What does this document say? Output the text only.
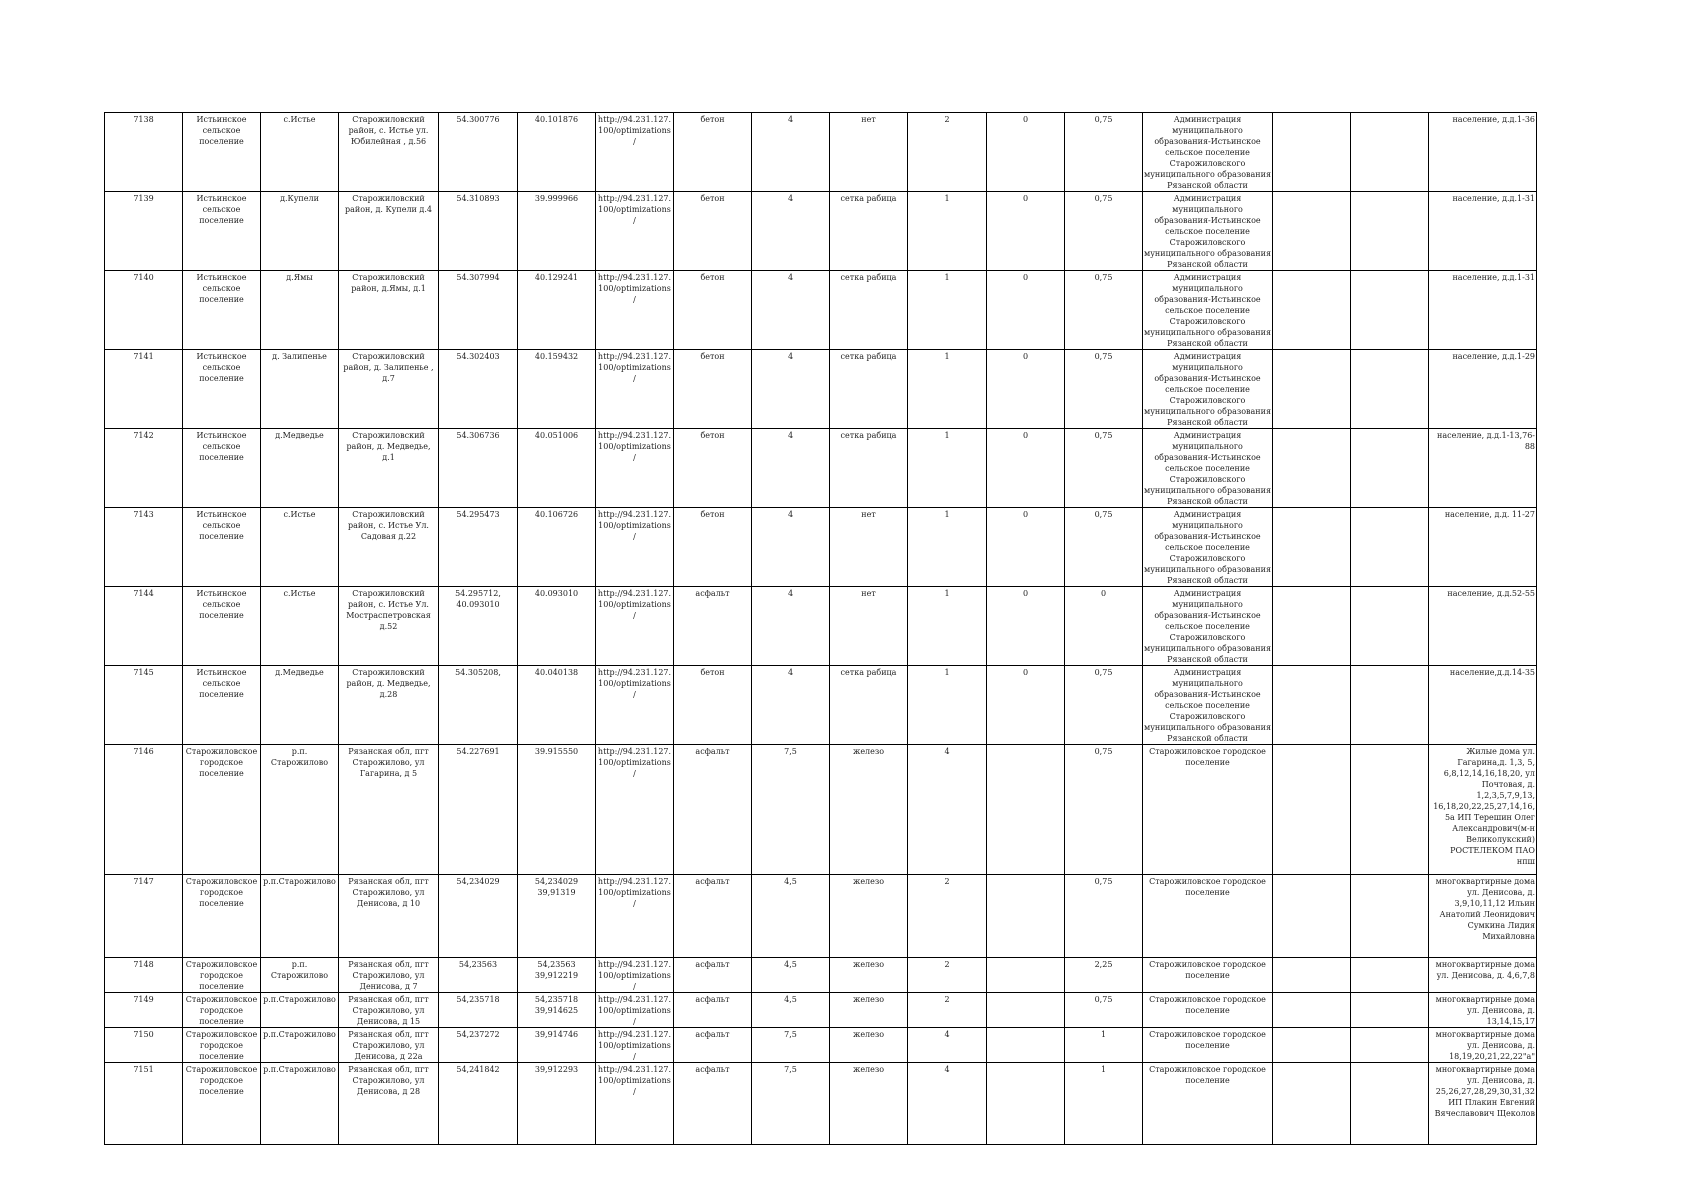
7138	Истьинское сельское поселение	с.Истье	Старожиловский район, с. Истье ул. Юбилейная , д.56	54.300776	40.101876	http://94.231.127.100/optimizations/	бетон	4	нет	2	0	0,75	Администрация муниципального образования-Истьинское сельское поселение Старожиловского муниципального образования Рязанской области			население, д.д.1-36
7139	Истьинское сельское поселение	д.Купели	Старожиловский район, д. Купели д.4	54.310893	39.999966	http://94.231.127.100/optimizations/	бетон	4	сетка рабица	1	0	0,75	Администрация муниципального образования-Истьинское сельское поселение Старожиловского муниципального образования Рязанской области			население, д.д.1-31
7140	Истьинское сельское поселение	д.Ямы	Старожиловский район, д.Ямы, д.1	54.307994	40.129241	http://94.231.127.100/optimizations/	бетон	4	сетка рабица	1	0	0,75	Администрация муниципального образования-Истьинское сельское поселение Старожиловского муниципального образования Рязанской области			население, д.д.1-31
7141	Истьинское сельское поселение	д. Залипенье	Старожиловский район, д. Залипенье , д.7	54.302403	40.159432	http://94.231.127.100/optimizations/	бетон	4	сетка рабица	1	0	0,75	Администрация муниципального образования-Истьинское сельское поселение Старожиловского муниципального образования Рязанской области			население, д.д.1-29
7142	Истьинское сельское поселение	д.Медведье	Старожиловский район, д. Медведье, д.1	54.306736	40.051006	http://94.231.127.100/optimizations/	бетон	4	сетка рабица	1	0	0,75	Администрация муниципального образования-Истьинское сельское поселение Старожиловского муниципального образования Рязанской области			население, д.д.1-13,76-88
7143	Истьинское сельское поселение	с.Истье	Старожиловский район, с. Истье Ул. Садовая д.22	54.295473	40.106726	http://94.231.127.100/optimizations/	бетон	4	нет	1	0	0,75	Администрация муниципального образования-Истьинское сельское поселение Старожиловского муниципального образования Рязанской области			население, д.д. 11-27
7144	Истьинское сельское поселение	с.Истье	Старожиловский район, с. Истье Ул. Мостраспетровская д.52	54.295712, 40.093010	40.093010	http://94.231.127.100/optimizations/	асфальт	4	нет	1	0	0	Администрация муниципального образования-Истьинское сельское поселение Старожиловского муниципального образования Рязанской области			население, д.д.52-55
7145	Истьинское сельское поселение	д.Медведье	Старожиловский район, д. Медведье, д.28	54.305208,	40.040138	http://94.231.127.100/optimizations/	бетон	4	сетка рабица	1	0	0,75	Администрация муниципального образования-Истьинское сельское поселение Старожиловского муниципального образования Рязанской области			население,д.д.14-35
7146	Старожиловское городское поселение	р.п. Старожилово	Рязанская обл, пгт Старожилово, ул Гагарина, д 5	54.227691	39.915550	http://94.231.127.100/optimizations/	асфальт	7,5	железо	4		0,75	Старожиловское городское поселение			Жилые дома ул. Гагарина,д. 1,3, 5, 6,8,12,14,16,18,20, ул Почтовая, д. 1,2,3,5,7,9,13, 16,18,20,22,25,27,14,16,5а ИП Терешин Олег Александрович(м-н Великолукский) РОСТЕЛЕКОМ ПАО нпш
7147	Старожиловское городское поселение	р.п.Старожилово	Рязанская обл, пгт Старожилово, ул Денисова, д 10	54,234029	54,234029 39,91319	http://94.231.127.100/optimizations/	асфальт	4,5	железо	2		0,75	Старожиловское городское поселение			многоквартирные дома ул. Денисова, д. 3,9,10,11,12 Ильин Анатолий Леонидович Сумкина Лидия Михайловна
7148	Старожиловское городское поселение	р.п. Старожилово	Рязанская обл, пгт Старожилово, ул Денисова, д 7	54,23563	54,23563 39,912219	http://94.231.127.100/optimizations/	асфальт	4,5	железо	2		2,25	Старожиловское городское поселение			многоквартирные дома ул. Денисова, д. 4,6,7,8
7149	Старожиловское городское поселение	р.п.Старожилово	Рязанская обл, пгт Старожилово, ул Денисова, д 15	54,235718	54,235718 39,914625	http://94.231.127.100/optimizations/	асфальт	4,5	железо	2		0,75	Старожиловское городское поселение			многоквартирные дома ул. Денисова, д. 13,14,15,17
7150	Старожиловское городское поселение	р.п.Старожилово	Рязанская обл, пгт Старожилово, ул Денисова, д 22а	54,237272	39,914746	http://94.231.127.100/optimizations/	асфальт	7,5	железо	4		1	Старожиловское городское поселение			многоквартирные дома ул. Денисова, д. 18,19,20,21,22,22"а"
7151	Старожиловское городское поселение	р.п.Старожилово	Рязанская обл, пгт Старожилово, ул Денисова, д 28	54,241842	39,912293	http://94.231.127.100/optimizations/	асфальт	7,5	железо	4		1	Старожиловское городское поселение			многоквартирные дома ул. Денисова, д. 25,26,27,28,29,30,31,32 ИП Плакин Евгений Вячеславович Щеколов
